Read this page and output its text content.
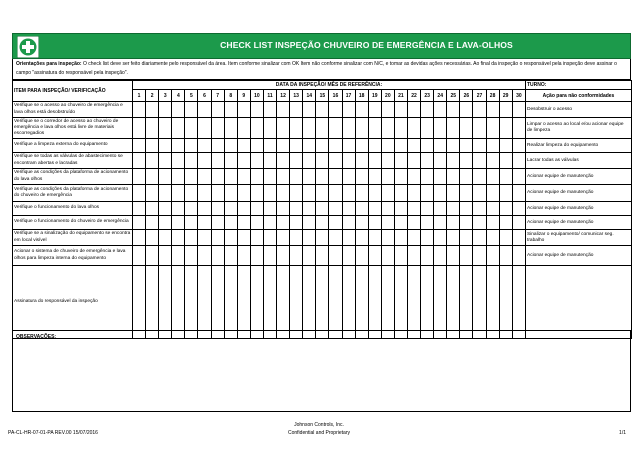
CHECK LIST INSPEÇÃO CHUVEIRO DE EMERGÊNCIA E LAVA-OLHOS
Orientações para inspeção: O check list deve ser feito diariamente pelo responsável da área. Item conforme sinalizar com OK Item não conforme sinalizar com N/C, e tomar as devidas ações necessárias. Ao final da inspeção o responsável pela inspeção deve assinar o campo "assinatura do responsável pela inspeção".
ITEM PARA INSPEÇÃO/ VERIFICAÇÃO	DATA DA INSPEÇÃO/ MÊS DE REFERÊNCIA:																														TURNO:
	1	2	3	4	5	6	7	8	9	10	11	12	13	14	15	16	17	18	19	20	21	22	23	24	25	26	27	28	29	30	Ação para não conformidades
Verifique se o acesso ao chuveiro de emergência e lava olhos está desobstruído																															Desobstruir o acesso
Verifique se o corredor de acesso ao chuveiro de emergência e lava olhos está livre de materiais escorregadios																															Limpar o acesso ao local e/ou acionar equipe de limpeza
Verifique a limpeza externa do equipamento																															Realizar limpeza do equipamento
Verifique se todas as válvulas de abastecimento se encontram abertas e lacradas																															Lacrar todas as válvulas
Verifique as condições da plataforma de acionamento do lava olhos																															Acionar equipe de manutenção
Verifique as condições da plataforma de acionamento do chuveiro de emergência																															Acionar equipe de manutenção
Verifique o funcionamento do lava olhos																															Acionar equipe de manutenção
Verifique o funcionamento do chuveiro de emergência																															Acionar equipe de manutenção
Verifique se a sinalização do equipamento se encontra em local visível																															Sinalizar o equipamento/ comunicar seg. trabalho
Acionar o sistema de chuveiro de emergência e lava olhos para limpeza interna do equipamento																															Acionar equipe de manutenção
Assinatura do responsável da inspeção																															
OBSERVAÇÕES:
PA-CL-HR-07-01-PA REV.00 15/07/2016
Johnson Controls, Inc.
Confidential and Proprietary	1/1
